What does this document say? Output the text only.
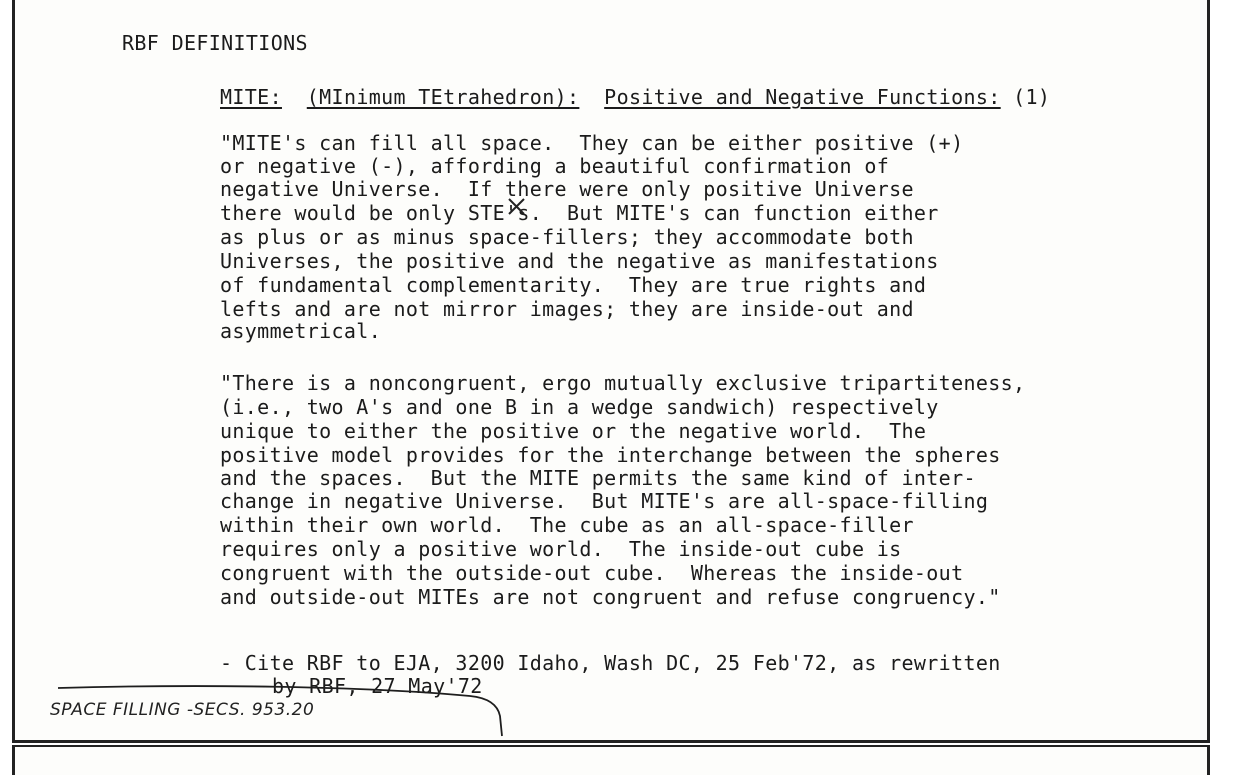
RBF DEFINITIONS
MITE: (MInimum TEtrahedron): Positive and Negative Functions: (1)
"MITE's can fill all space.  They can be either positive (+)
or negative (-), affording a beautiful confirmation of
negative Universe.  If there were only positive Universe
there would be only STE's.  But MITE's can function either
as plus or as minus space-fillers; they accommodate both
Universes, the positive and the negative as manifestations
of fundamental complementarity.  They are true rights and
lefts and are not mirror images; they are inside-out and
asymmetrical.
"There is a noncongruent, ergo mutually exclusive tripartiteness,
(i.e., two A's and one B in a wedge sandwich) respectively
unique to either the positive or the negative world.  The
positive model provides for the interchange between the spheres
and the spaces.  But the MITE permits the same kind of inter-
change in negative Universe.  But MITE's are all-space-filling
within their own world.  The cube as an all-space-filler
requires only a positive world.  The inside-out cube is
congruent with the outside-out cube.  Whereas the inside-out
and outside-out MITEs are not congruent and refuse congruency."
- Cite RBF to EJA, 3200 Idaho, Wash DC, 25 Feb'72, as rewritten
by RBF, 27 May'72
SPACE FILLING -SECS. 953.20
